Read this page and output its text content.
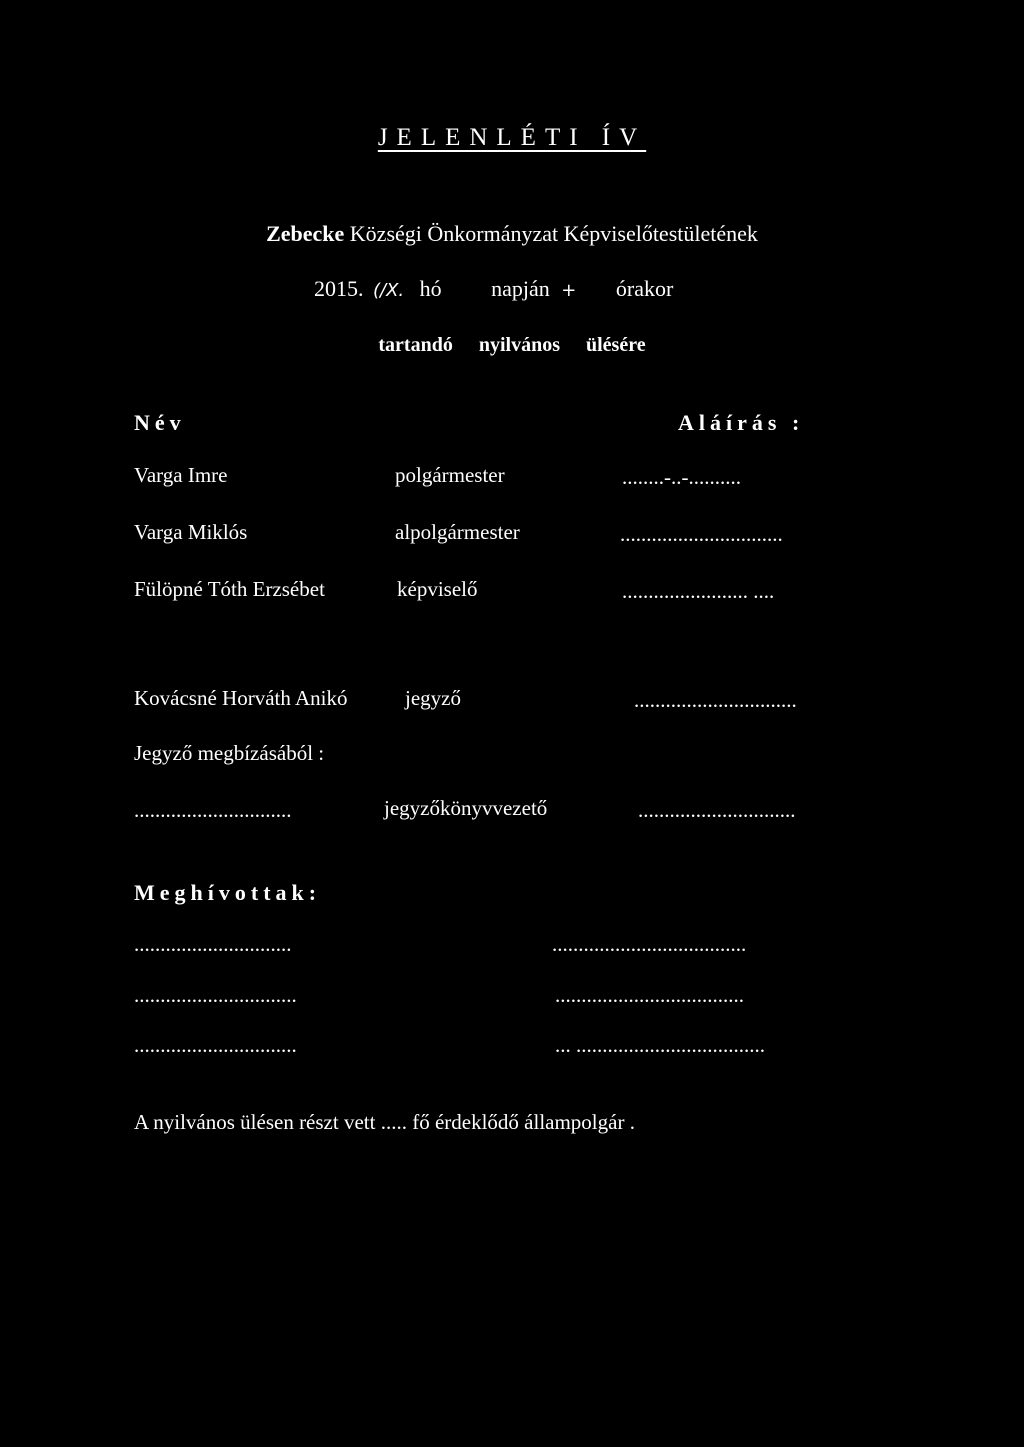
JELENLÉTI ÍV
Zebecke Községi Önkormányzat Képviselőtestületének
2015. (/X. hó napján + órakor
tartandó nyilvános ülésére
Név	Aláírás :
Varga Imre	polgármester	........-..-..........
Varga Miklós	alpolgármester	...............................
Fülöpné Tóth Erzsébet	képviselő	........................ ....
Kovácsné Horváth Anikó	jegyző	...............................
Jegyző megbízásából :
..............................	jegyzőkönyvvezető	..............................
Meghívottak:
..............................	.....................................
...............................	....................................
...............................	... ....................................
A nyilvános ülésen részt vett ..... fő érdeklődő állampolgár .
